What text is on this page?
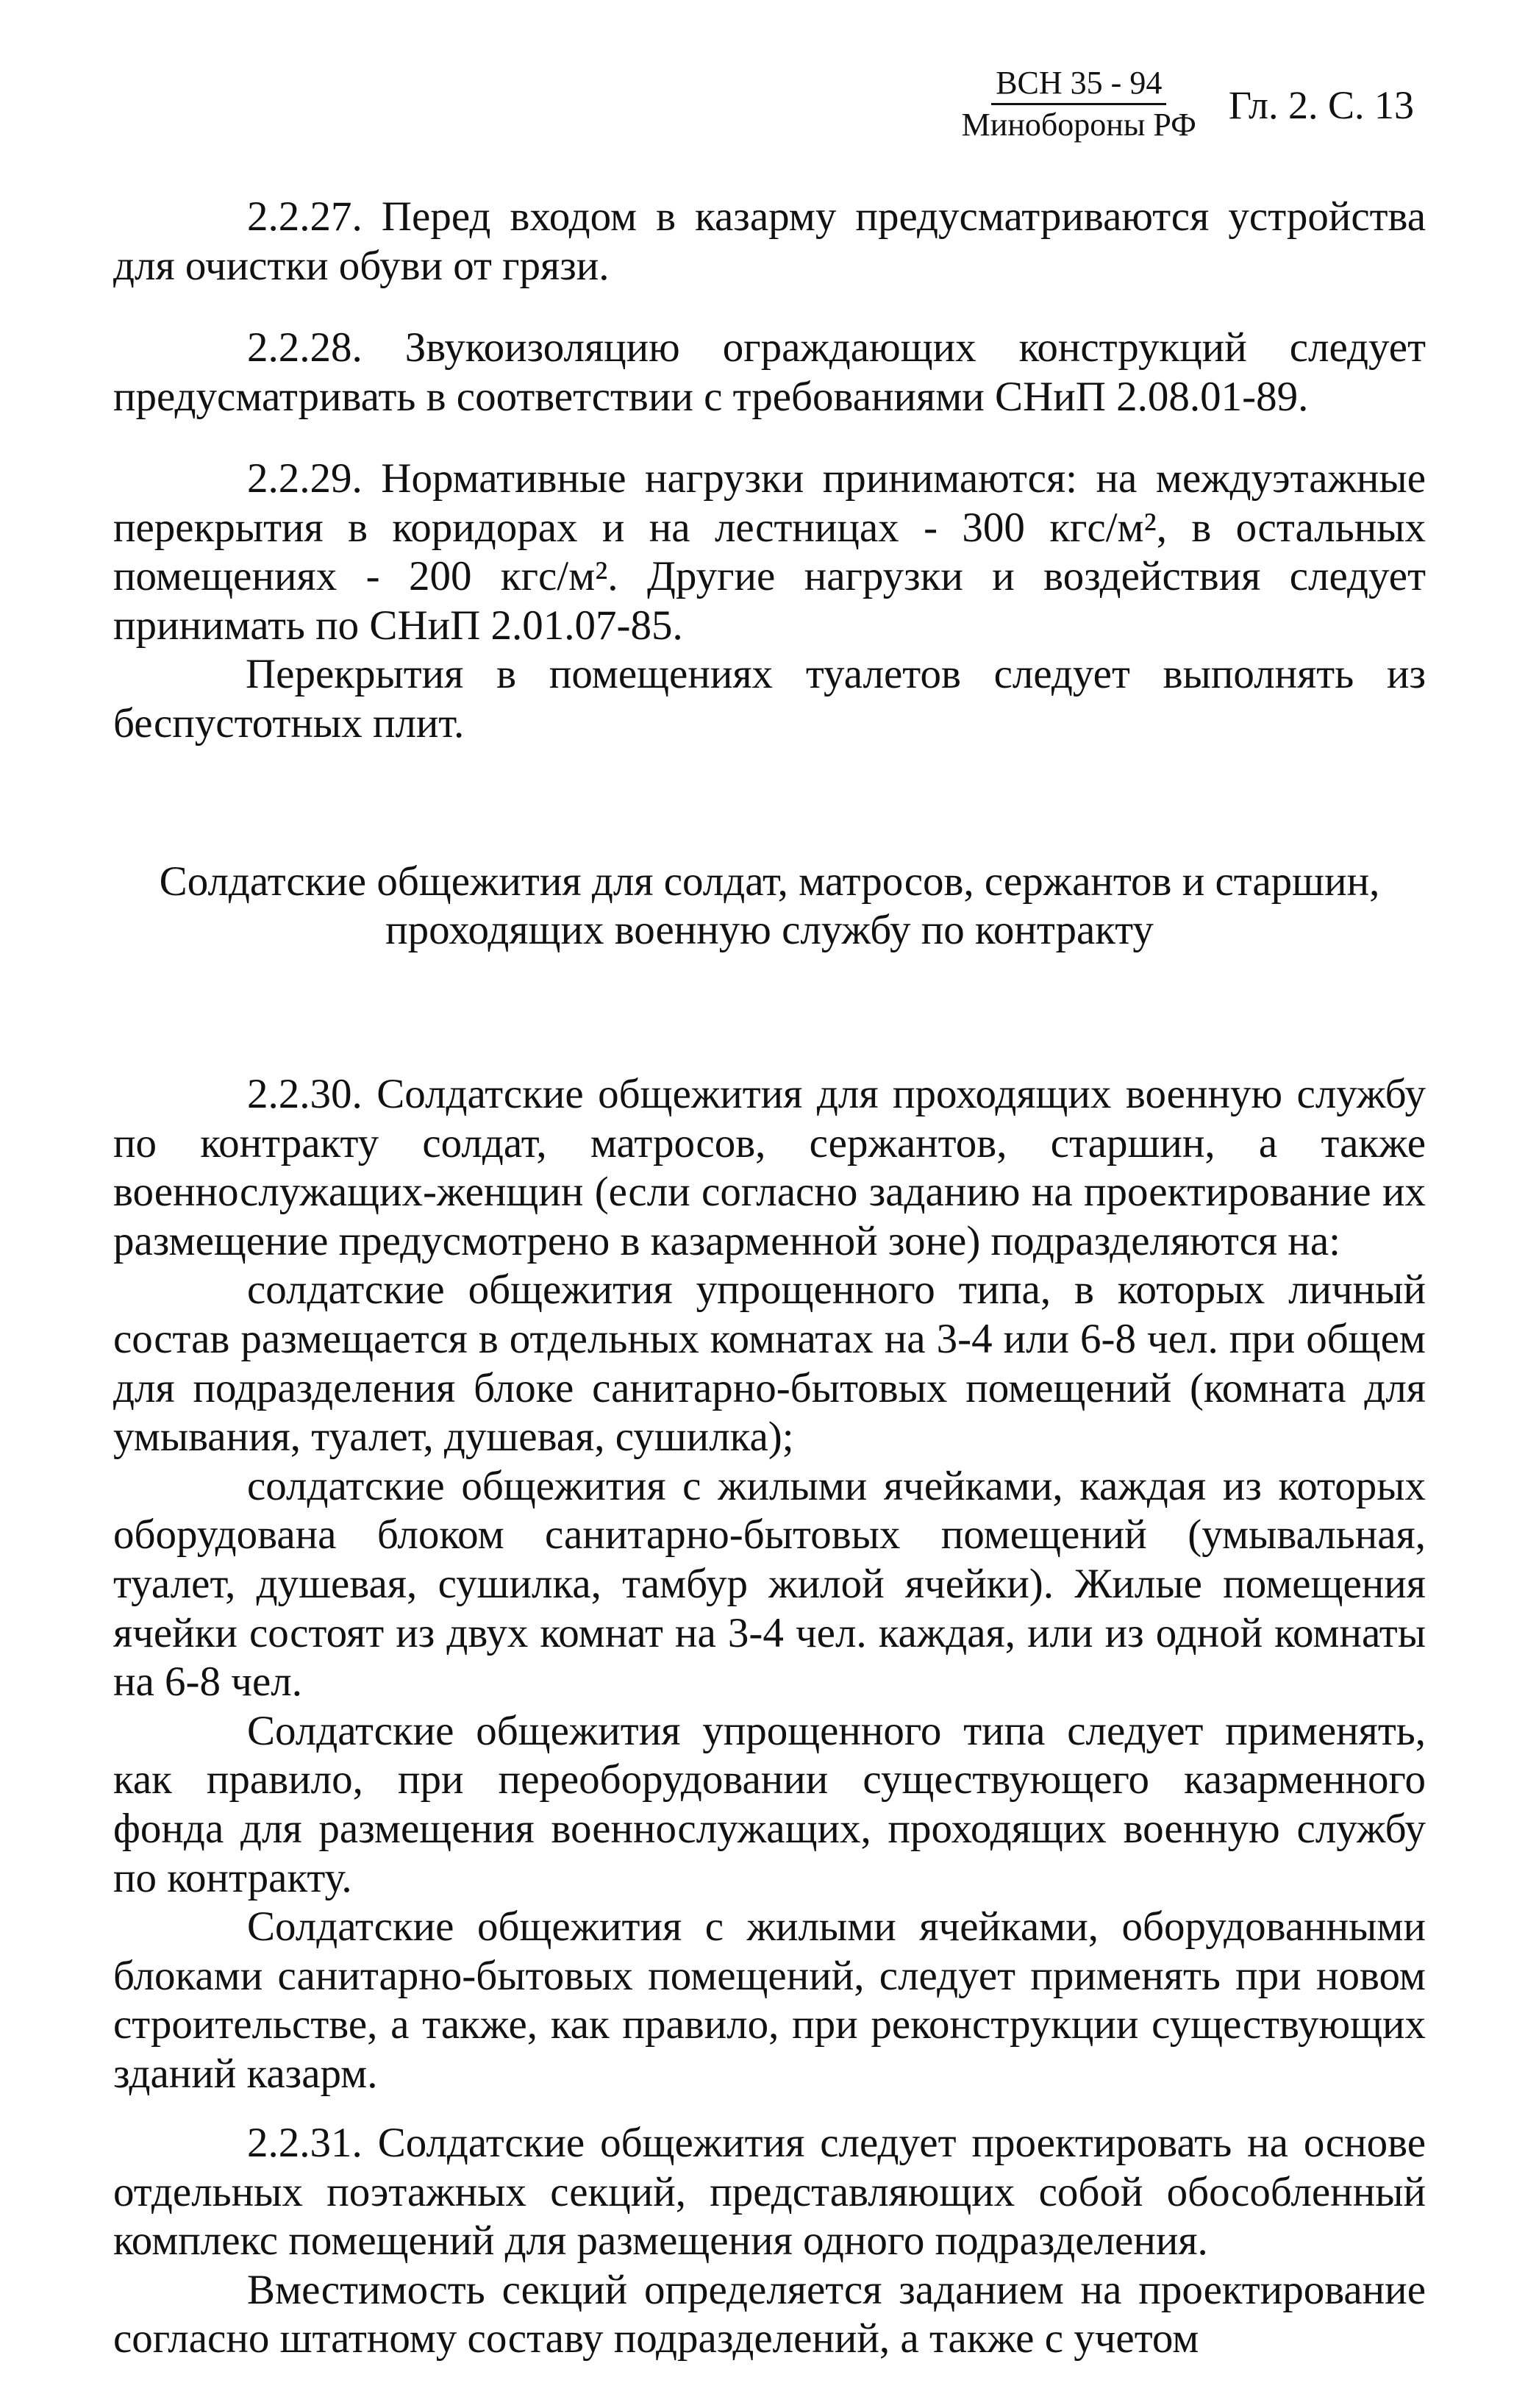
$\frac{\text{ВСН 35 - 94}}{\text{Минобороны РФ}}$ Гл. 2. С. 13

2.2.27. Перед входом в казарму предусматриваются устройства для очистки обуви от грязи.

2.2.28. Звукоизоляцию ограждающих конструкций следует предусматривать в соответствии с требованиями СНиП 2.08.01-89.

2.2.29. Нормативные нагрузки принимаются: на междуэтажные перекрытия в коридорах и на лестницах - 300 кгс/м², в остальных помещениях - 200 кгс/м². Другие нагрузки и воздействия следует принимать по СНиП 2.01.07-85.

Перекрытия в помещениях туалетов следует выполнять из беспустотных плит.

Солдатские общежития для солдат, матросов, сержантов и старшин,
проходящих военную службу по контракту

2.2.30. Солдатские общежития для проходящих военную службу по контракту солдат, матросов, сержантов, старшин, а также военнослужащих-женщин (если согласно заданию на проектирование их размещение предусмотрено в казарменной зоне) подразделяются на:

солдатские общежития упрощенного типа, в которых личный состав размещается в отдельных комнатах на 3-4 или 6-8 чел. при общем для подразделения блоке санитарно-бытовых помещений (комната для умывания, туалет, душевая, сушилка);

солдатские общежития с жилыми ячейками, каждая из которых оборудована блоком санитарно-бытовых помещений (умывальная, туалет, душевая, сушилка, тамбур жилой ячейки). Жилые помещения ячейки состоят из двух комнат на 3-4 чел. каждая, или из одной комнаты на 6-8 чел.

Солдатские общежития упрощенного типа следует применять, как правило, при переоборудовании существующего казарменного фонда для размещения военнослужащих, проходящих военную службу по контракту.

Солдатские общежития с жилыми ячейками, оборудованными блоками санитарно-бытовых помещений, следует применять при новом строительстве, а также, как правило, при реконструкции существующих зданий казарм.

2.2.31. Солдатские общежития следует проектировать на основе отдельных поэтажных секций, представляющих собой обособленный комплекс помещений для размещения одного подразделения.

Вместимость секций определяется заданием на проектирование согласно штатному составу подразделений, а также с учетом
